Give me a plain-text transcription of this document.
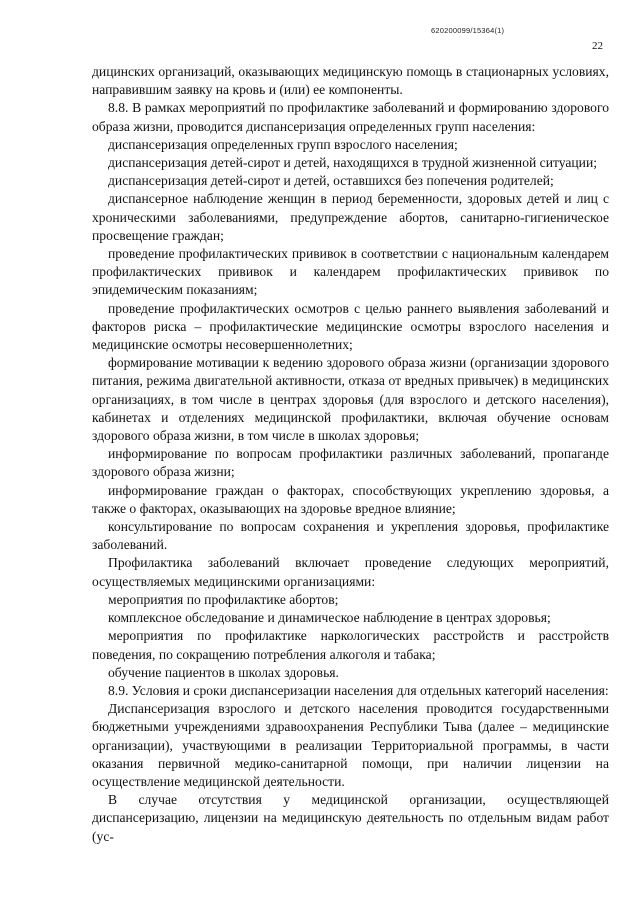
620200099/15364(1)
22

дицинских организаций, оказывающих медицинскую помощь в стационарных условиях, направившим заявку на кровь и (или) ее компоненты.

8.8. В рамках мероприятий по профилактике заболеваний и формированию здорового образа жизни, проводится диспансеризация определенных групп населения:

диспансеризация определенных групп взрослого населения;

диспансеризация детей-сирот и детей, находящихся в трудной жизненной ситуации;

диспансеризация детей-сирот и детей, оставшихся без попечения родителей;

диспансерное наблюдение женщин в период беременности, здоровых детей и лиц с хроническими заболеваниями, предупреждение абортов, санитарно-гигиеническое просвещение граждан;

проведение профилактических прививок в соответствии с национальным календарем профилактических прививок и календарем профилактических прививок по эпидемическим показаниям;

проведение профилактических осмотров с целью раннего выявления заболеваний и факторов риска – профилактические медицинские осмотры взрослого населения и медицинские осмотры несовершеннолетних;

формирование мотивации к ведению здорового образа жизни (организации здорового питания, режима двигательной активности, отказа от вредных привычек) в медицинских организациях, в том числе в центрах здоровья (для взрослого и детского населения), кабинетах и отделениях медицинской профилактики, включая обучение основам здорового образа жизни, в том числе в школах здоровья;

информирование по вопросам профилактики различных заболеваний, пропаганде здорового образа жизни;

информирование граждан о факторах, способствующих укреплению здоровья, а также о факторах, оказывающих на здоровье вредное влияние;

консультирование по вопросам сохранения и укрепления здоровья, профилактике заболеваний.

Профилактика заболеваний включает проведение следующих мероприятий, осуществляемых медицинскими организациями:

мероприятия по профилактике абортов;

комплексное обследование и динамическое наблюдение в центрах здоровья;

мероприятия по профилактике наркологических расстройств и расстройств поведения, по сокращению потребления алкоголя и табака;

обучение пациентов в школах здоровья.

8.9. Условия и сроки диспансеризации населения для отдельных категорий населения:

Диспансеризация взрослого и детского населения проводится государственными бюджетными учреждениями здравоохранения Республики Тыва (далее – медицинские организации), участвующими в реализации Территориальной программы, в части оказания первичной медико-санитарной помощи, при наличии лицензии на осуществление медицинской деятельности.

В случае отсутствия у медицинской организации, осуществляющей диспансеризацию, лицензии на медицинскую деятельность по отдельным видам работ (ус-
